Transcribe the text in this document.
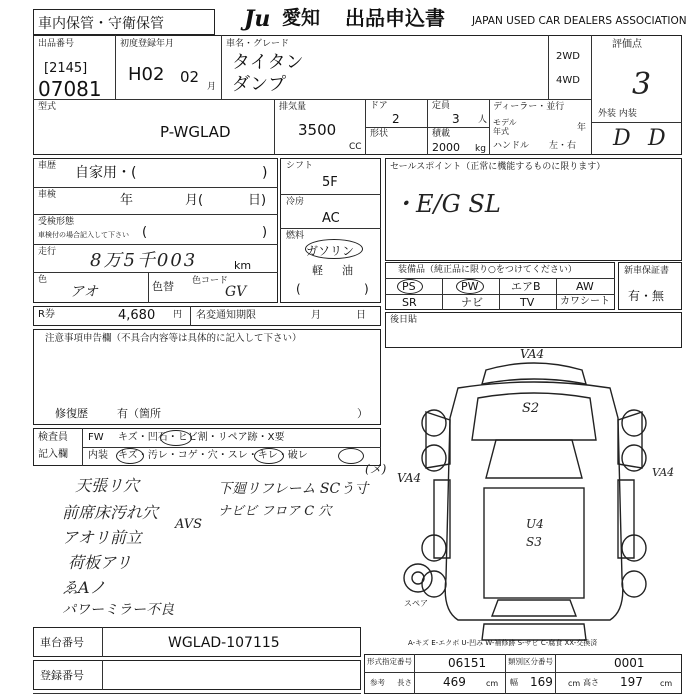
車内保管・守衛保管	Ju 愛知 出品申込書	JAPAN USED CAR DEALERS ASSOCIATION
出品番号
[2145]
07081
初度登録年月
H02 02
月
車名・グレード
タイタン
ダンプ
2WD
4WD
評価点
3
型式
P-WGLAD
排気量
3500
CC
ドア
2
定員
3 人
形状	積載
2000 kg
ディーラー・並行
モデル 年式	年
ハンドル 左・右
外装 内装
D D
車歴 自家用・(	)
車検	年	月(	日)
受検形態
車検付の場合記入して下さい (	)
走行 8万5千003	km
色
アオ	色替 色コード
GV
シフト
5F
冷房
AC
燃料
ガソリン
軽 油
(	)
セールスポイント（正常に機能するものに限ります）
・E/G SL
装備品（純正品に限り○をつけてください）
PS	PW	エアB	AW
SR	ナビ	TV	カワシート
新車保証書
有・無
R券	4,680 円 名変通知期限	月	日	後日貼
注意事項申告欄（不具合内容等は具体的に記入して下さい）
修復歴	有（箇所	）
検査員
記入欄
FW キズ・凹石・ヒビ割・リペア跡・X要
内装 キズ・汚レ・コゲ・穴・スレ・キレ・破レ
(メ)
天張リ穴
前席床汚れ穴
AVS
アオリ前立
荷板アリ
ゑAノ
パワーミラー不良
下廻リフレーム SCう寸
ナビビ フロア C 穴
VA4
S2
VA4
U4
S3
スペア
VA4
A-キズ E-エクボ U-凹み W-補修跡 S-サビ C-腐食 XX-交換済
車台番号	WGLAD-107115
登録番号
形式指定番号	06151	類別区分番号	0001
参考 長さ	469	cm 幅 169 cm 高さ 197 cm
